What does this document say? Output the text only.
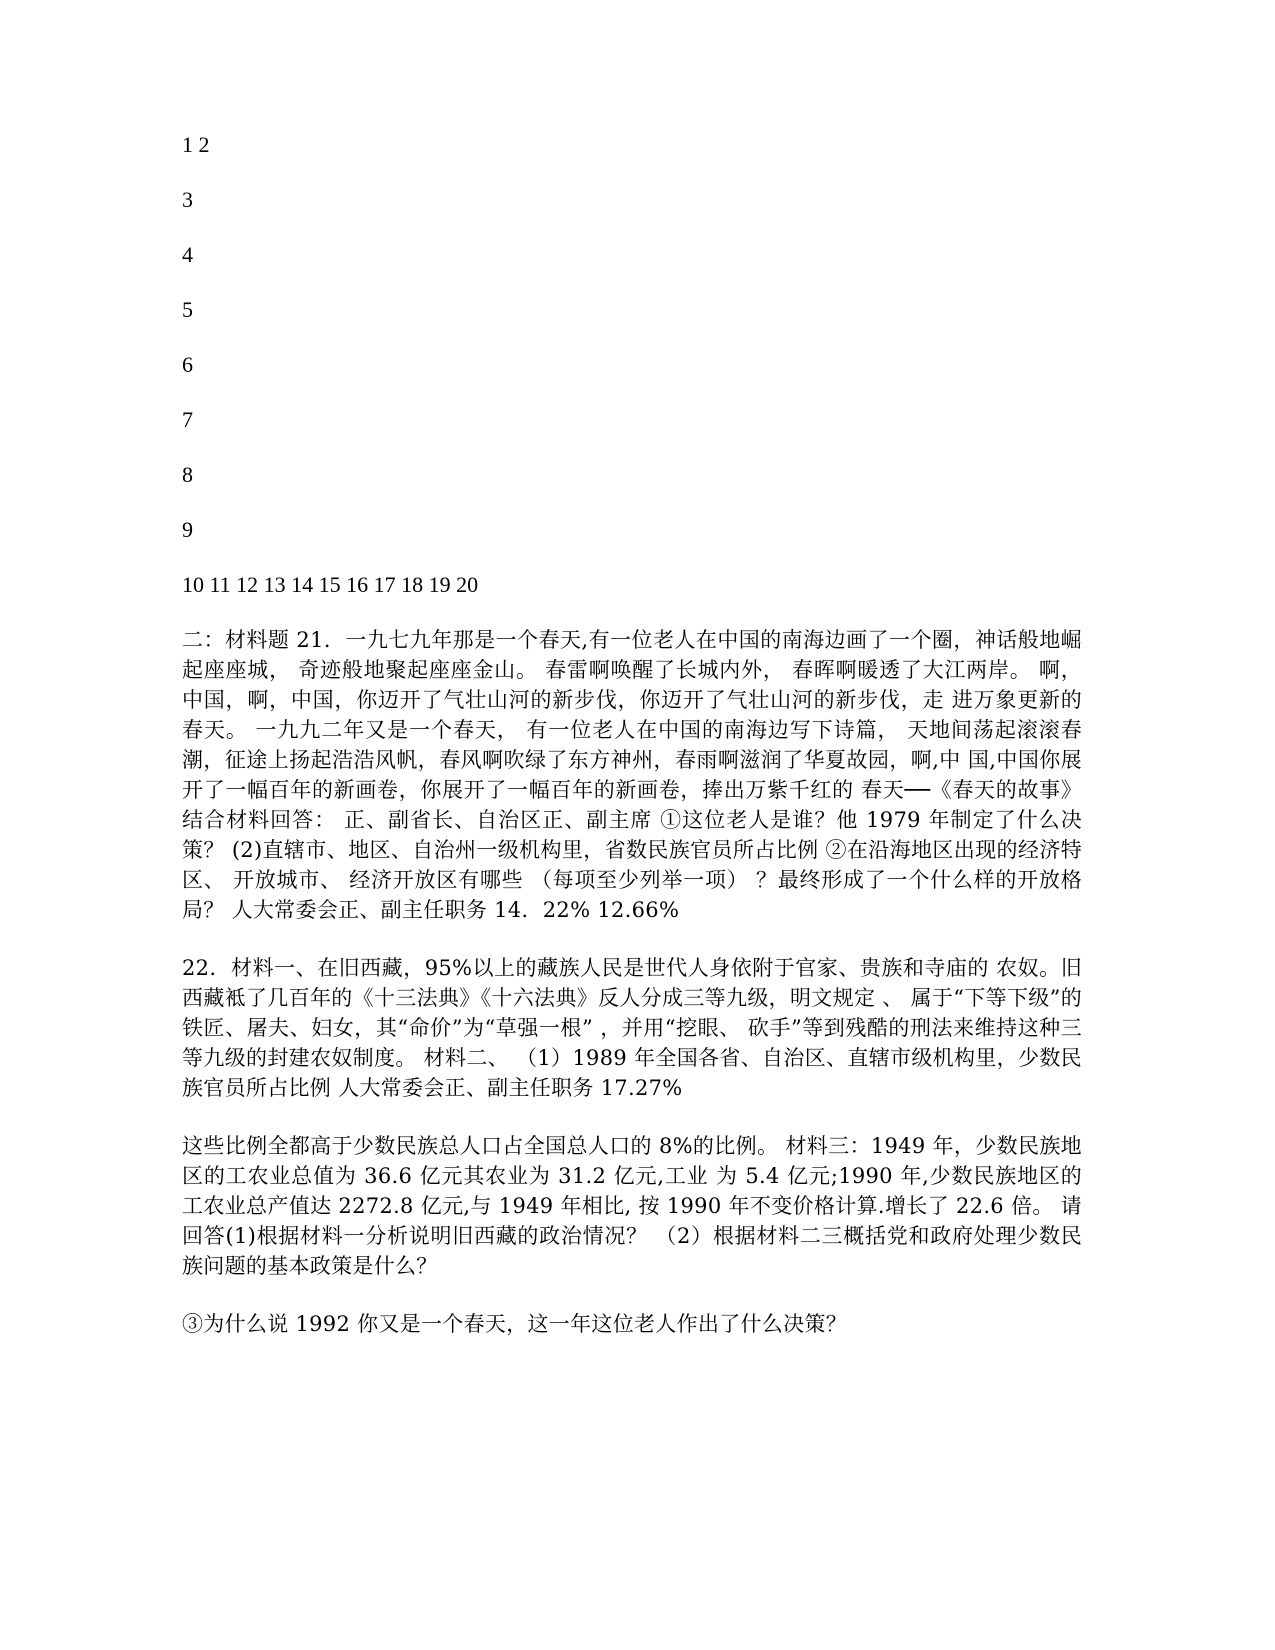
1 2
3
4
5
6
7
8
9
10 11 12 13 14 15 16 17 18 19 20

二：材料题 21．一九七九年那是一个春天,有一位老人在中国的南海边画了一个圈，神话般地崛 起座座城， 奇迹般地聚起座座金山。 春雷啊唤醒了长城内外， 春晖啊暖透了大江两岸。 啊，中国，啊，中国，你迈开了气壮山河的新步伐，你迈开了气壮山河的新步伐，走 进万象更新的春天。 一九九二年又是一个春天， 有一位老人在中国的南海边写下诗篇， 天地间荡起滚滚春 潮，征途上扬起浩浩风帆，春风啊吹绿了东方神州，春雨啊滋润了华夏故园，啊,中 国,中国你展开了一幅百年的新画卷，你展开了一幅百年的新画卷，捧出万紫千红的 春天──《春天的故事》 结合材料回答： 正、副省长、自治区正、副主席 ①这位老人是谁？他 1979 年制定了什么决策？ (2)直辖市、地区、自治州一级机构里，省数民族官员所占比例 ②在沿海地区出现的经济特区、 开放城市、 经济开放区有哪些 （每项至少列举一项） ？最终形成了一个什么样的开放格局？ 人大常委会正、副主任职务 14．22% 12.66%

22．材料一、在旧西藏，95%以上的藏族人民是世代人身依附于官家、贵族和寺庙的 农奴。旧西藏袛了几百年的《十三法典》《十六法典》反人分成三等九级，明文规定 、 属于“下等下级”的铁匠、屠夫、妇女，其“命价”为“草强一根” ，并用“挖眼、 砍手”等到残酷的刑法来维持这种三等九级的封建农奴制度。 材料二、 （1）1989 年全国各省、自治区、直辖市级机构里，少数民族官员所占比例 人大常委会正、副主任职务 17.27%

这些比例全都高于少数民族总人口占全国总人口的 8%的比例。 材料三：1949 年，少数民族地区的工农业总值为 36.6 亿元其农业为 31.2 亿元,工业 为 5.4 亿元;1990 年,少数民族地区的工农业总产值达 2272.8 亿元,与 1949 年相比, 按 1990 年不变价格计算.增长了 22.6 倍。 请回答(1)根据材料一分析说明旧西藏的政治情况？ （2）根据材料二三概括党和政府处理少数民族问题的基本政策是什么？

③为什么说 1992 你又是一个春天，这一年这位老人作出了什么决策？
